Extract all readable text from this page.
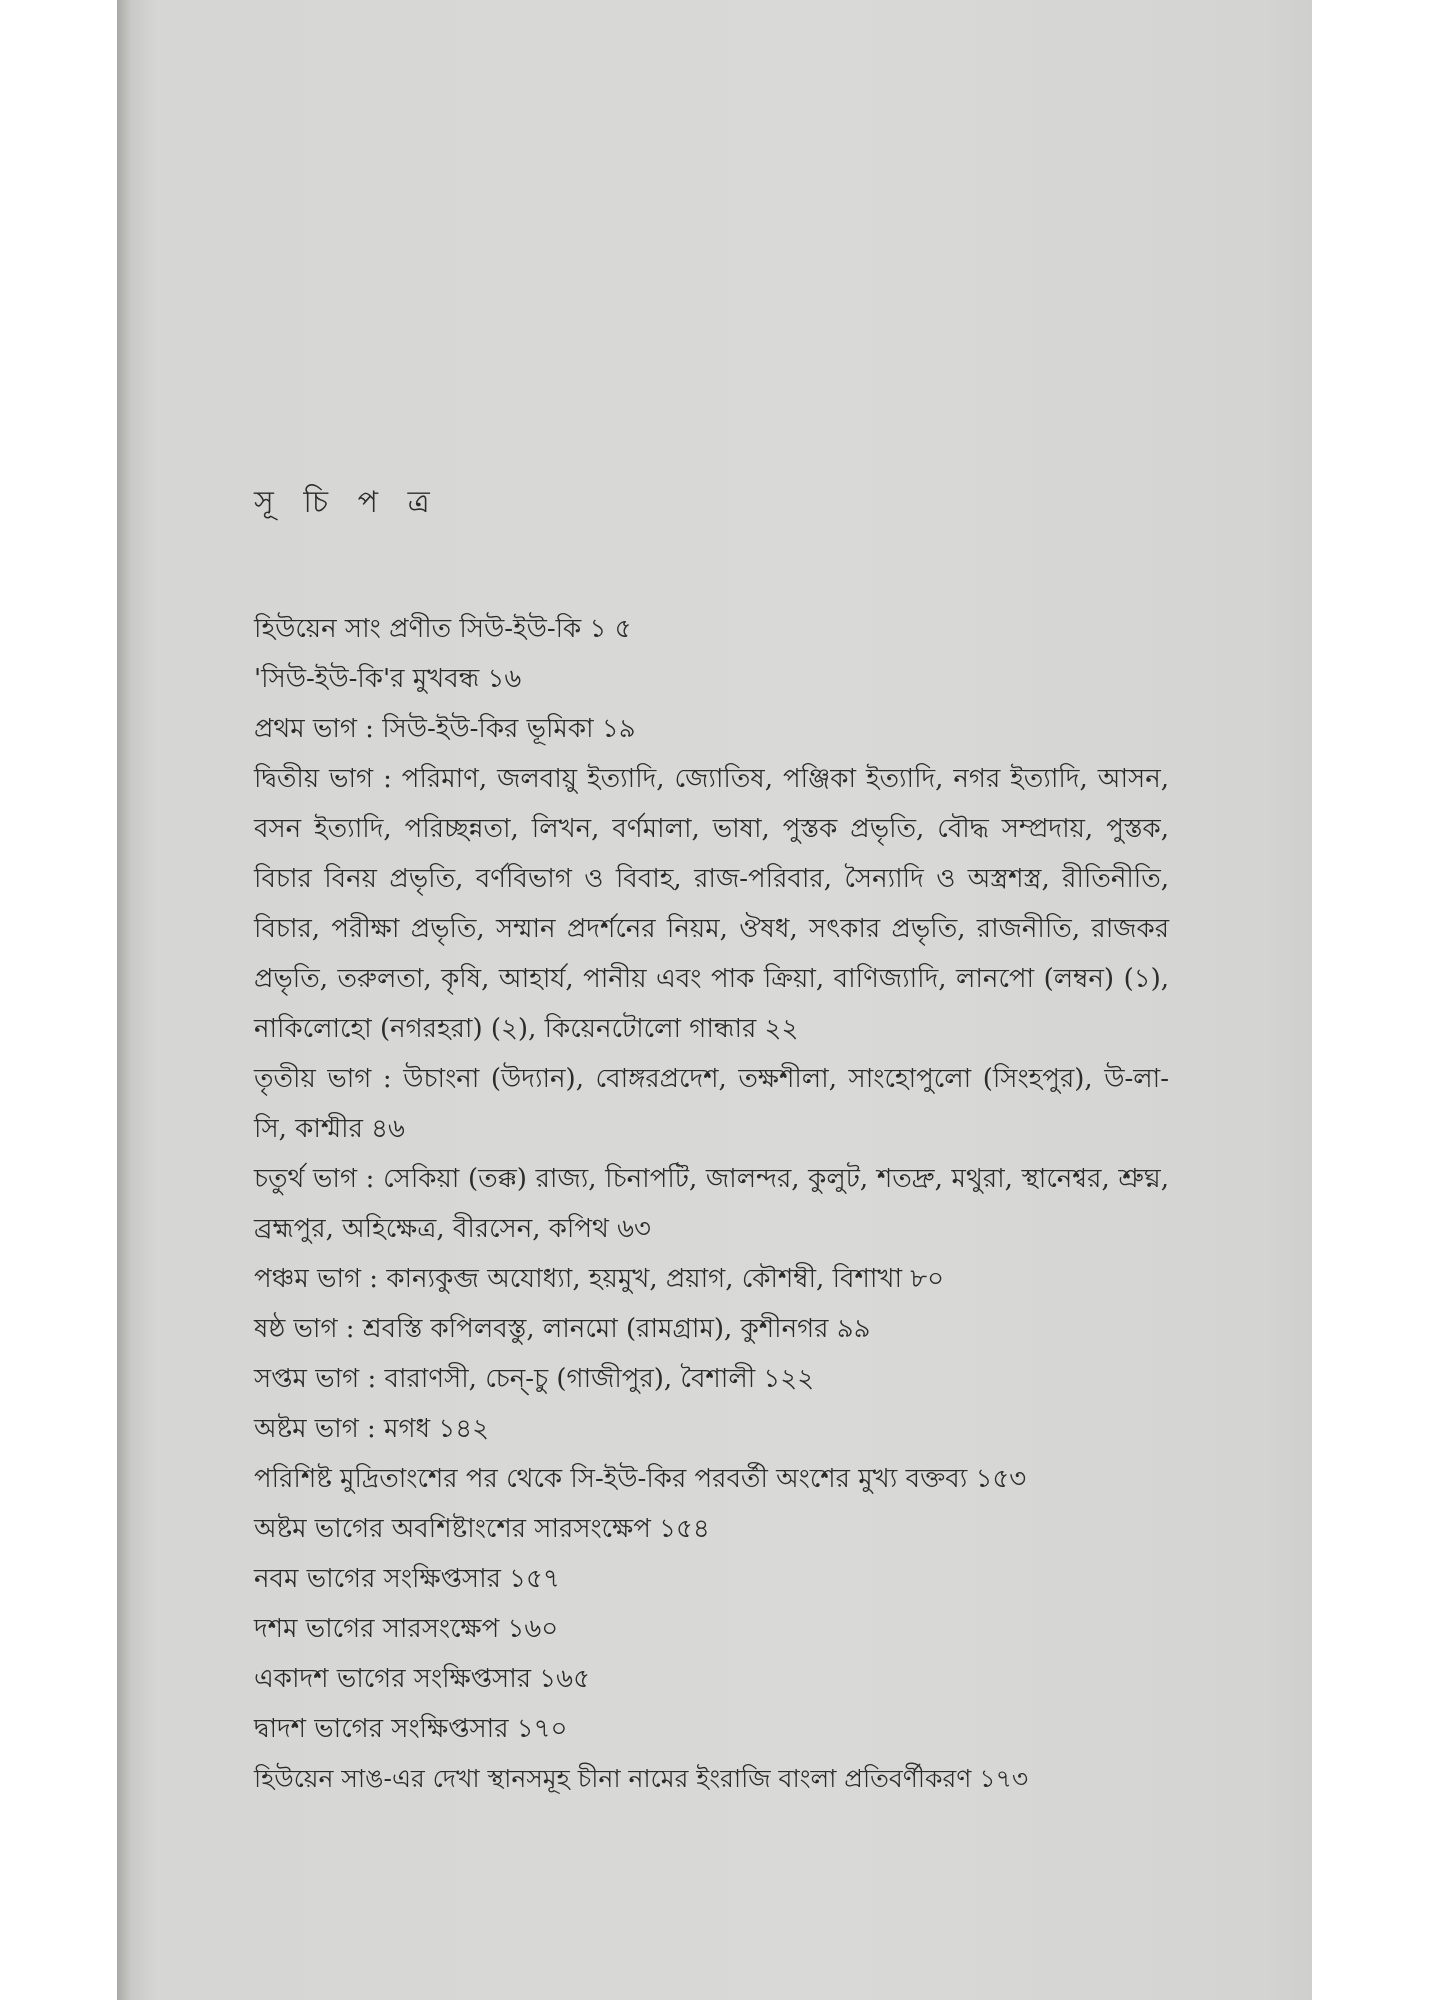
সূ চি প ত্র
হিউয়েন সাং প্রণীত সিউ-ইউ-কি ১ ৫
'সিউ-ইউ-কি'র মুখবন্ধ ১৬
প্রথম ভাগ : সিউ-ইউ-কির ভূমিকা ১৯
দ্বিতীয় ভাগ : পরিমাণ, জলবায়ু ইত্যাদি, জ্যোতিষ, পঞ্জিকা ইত্যাদি, নগর ইত্যাদি, আসন, বসন ইত্যাদি, পরিচ্ছন্নতা, লিখন, বর্ণমালা, ভাষা, পুস্তক প্রভৃতি, বৌদ্ধ সম্প্রদায়, পুস্তক, বিচার বিনয় প্রভৃতি, বর্ণবিভাগ ও বিবাহ, রাজ-পরিবার, সৈন্যাদি ও অস্ত্রশস্ত্র, রীতিনীতি, বিচার, পরীক্ষা প্রভৃতি, সম্মান প্রদর্শনের নিয়ম, ঔষধ, সৎকার প্রভৃতি, রাজনীতি, রাজকর প্রভৃতি, তরুলতা, কৃষি, আহার্য, পানীয় এবং পাক ক্রিয়া, বাণিজ্যাদি, লানপো (লম্বন) (১), নাকিলোহো (নগরহরা) (২), কিয়েনটোলো গান্ধার ২২
তৃতীয় ভাগ : উচাংনা (উদ্যান), বোঙ্গরপ্রদেশ, তক্ষশীলা, সাংহোপুলো (সিংহপুর), উ-লা-সি, কাশ্মীর ৪৬
চতুর্থ ভাগ : সেকিয়া (তক্ক) রাজ্য, চিনাপটি, জালন্দর, কুলুট, শতদ্রু, মথুরা, স্থানেশ্বর, শ্রুঘ্ন, ব্রহ্মপুর, অহিক্ষেত্র, বীরসেন, কপিথ ৬৩
পঞ্চম ভাগ : কান্যকুব্জ অযোধ্যা, হয়মুখ, প্রয়াগ, কৌশম্বী, বিশাখা ৮০
ষষ্ঠ ভাগ : শ্রবস্তি কপিলবস্তু, লানমো (রামগ্রাম), কুশীনগর ৯৯
সপ্তম ভাগ : বারাণসী, চেন্-চু (গাজীপুর), বৈশালী ১২২
অষ্টম ভাগ : মগধ ১৪২
পরিশিষ্ট মুদ্রিতাংশের পর থেকে সি-ইউ-কির পরবর্তী অংশের মুখ্য বক্তব্য ১৫৩
অষ্টম ভাগের অবশিষ্টাংশের সারসংক্ষেপ ১৫৪
নবম ভাগের সংক্ষিপ্তসার ১৫৭
দশম ভাগের সারসংক্ষেপ ১৬০
একাদশ ভাগের সংক্ষিপ্তসার ১৬৫
দ্বাদশ ভাগের সংক্ষিপ্তসার ১৭০
হিউয়েন সাঙ-এর দেখা স্থানসমূহ চীনা নামের ইংরাজি বাংলা প্রতিবর্ণীকরণ ১৭৩
